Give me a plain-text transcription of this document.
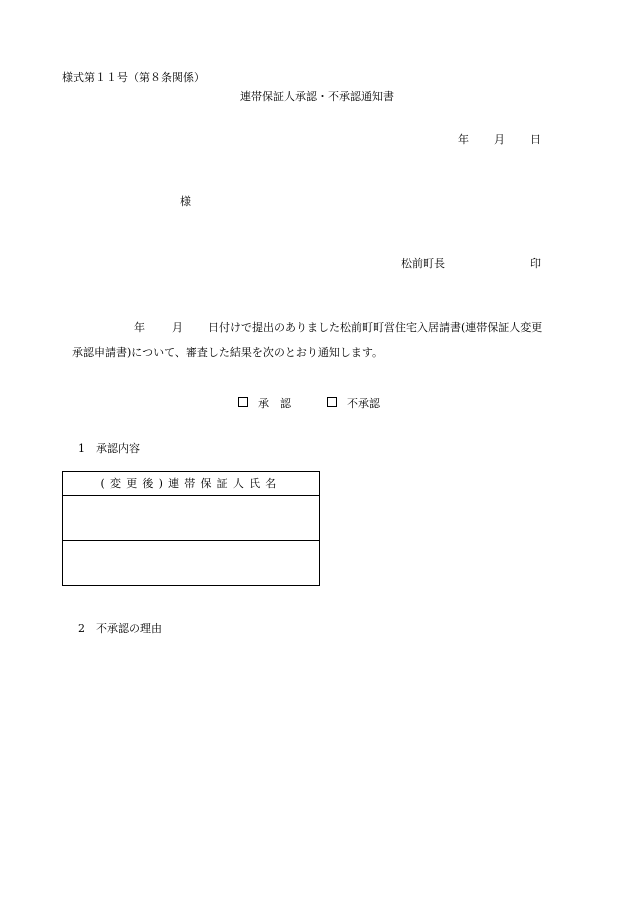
様式第１１号（第８条関係）
連帯保証人承認・不承認通知書
年 月 日
様
松前町長	印
年 月 日付けで提出のありました松前町町営住宅入居請書(連帯保証人変更
承認申請書)について、審査した結果を次のとおり通知します。
承　認	不承認
1　承認内容
(変更後)連帯保証人氏名

2　不承認の理由
